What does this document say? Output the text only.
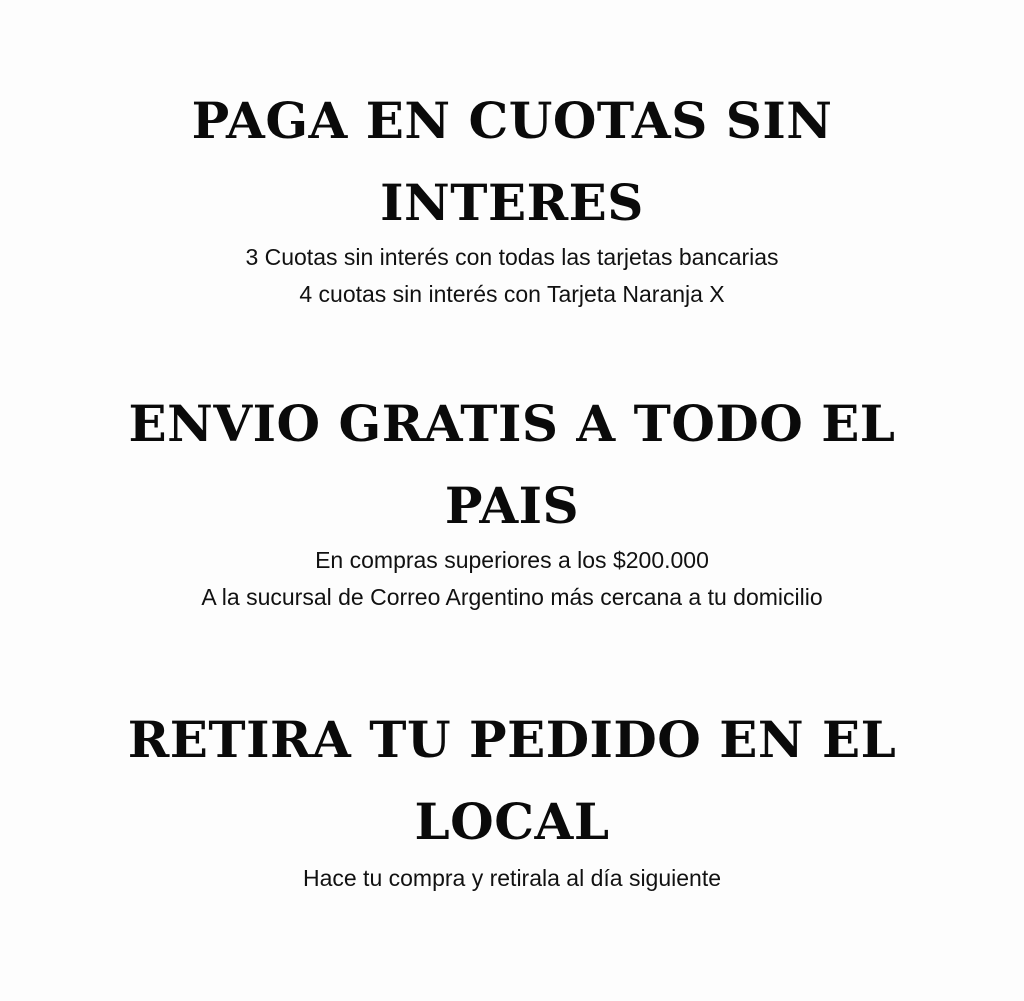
PAGA EN CUOTAS SIN
INTERES

3 Cuotas sin interés con todas las tarjetas bancarias

4 cuotas sin interés con Tarjeta Naranja X

ENVIO GRATIS A TODO EL
PAIS

En compras superiores a los $200.000

A la sucursal de Correo Argentino más cercana a tu domicilio

RETIRA TU PEDIDO EN EL
LOCAL

Hace tu compra y retirala al día siguiente
